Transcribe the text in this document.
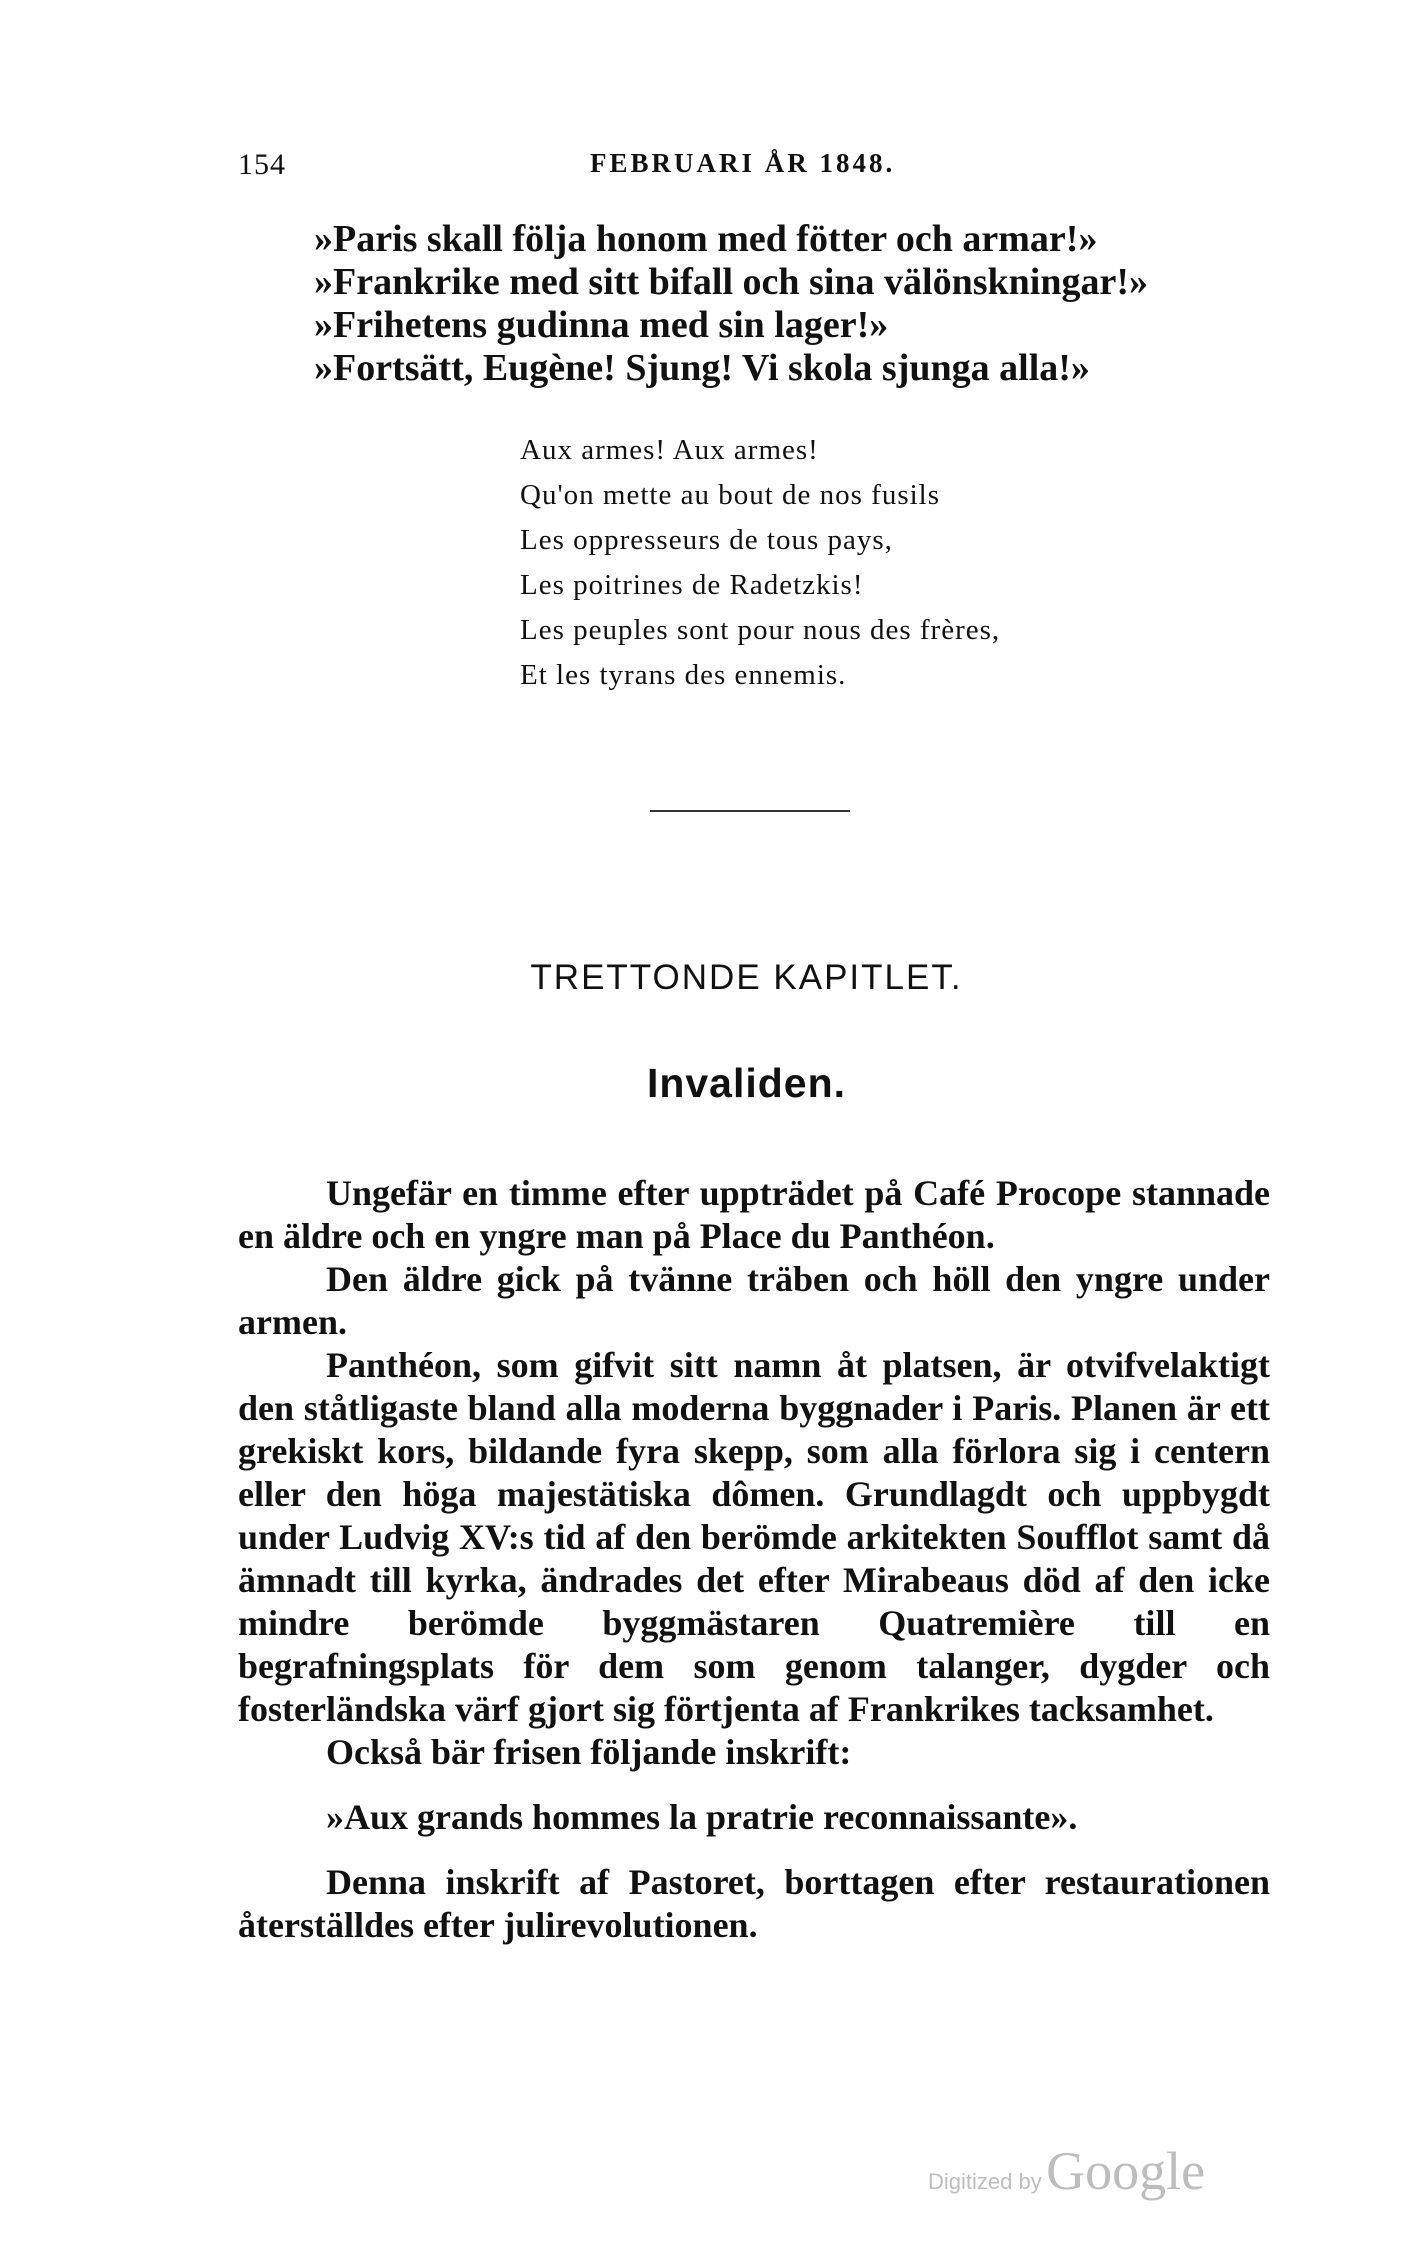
154	FEBRUARI ÅR 1848.
»Paris skall följa honom med fötter och armar!»
»Frankrike med sitt bifall och sina välönskningar!»
»Frihetens gudinna med sin lager!»
»Fortsätt, Eugène! Sjung! Vi skola sjunga alla!»
Aux armes! Aux armes!
Qu'on mette au bout de nos fusils
Les oppresseurs de tous pays,
Les poitrines de Radetzkis!
Les peuples sont pour nous des frères,
Et les tyrans des ennemis.
TRETTONDE KAPITLET.
Invaliden.
Ungefär en timme efter uppträdet på Café Procope stannade en äldre och en yngre man på Place du Panthéon.
Den äldre gick på tvänne träben och höll den yngre under armen.
Panthéon, som gifvit sitt namn åt platsen, är otvifvelaktigt den ståtligaste bland alla moderna byggnader i Paris. Planen är ett grekiskt kors, bildande fyra skepp, som alla förlora sig i centern eller den höga majestätiska dômen. Grundlagdt och uppbygdt under Ludvig XV:s tid af den berömde arkitekten Soufflot samt då ämnadt till kyrka, ändrades det efter Mirabeaus död af den icke mindre berömde byggmästaren Quatremière till en begrafningsplats för dem som genom talanger, dygder och fosterländska värf gjort sig förtjenta af Frankrikes tacksamhet.
Också bär frisen följande inskrift:
»Aux grands hommes la pratrie reconnaissante».
Denna inskrift af Pastoret, borttagen efter restaurationen återställdes efter julirevolutionen.
Digitized by Google
